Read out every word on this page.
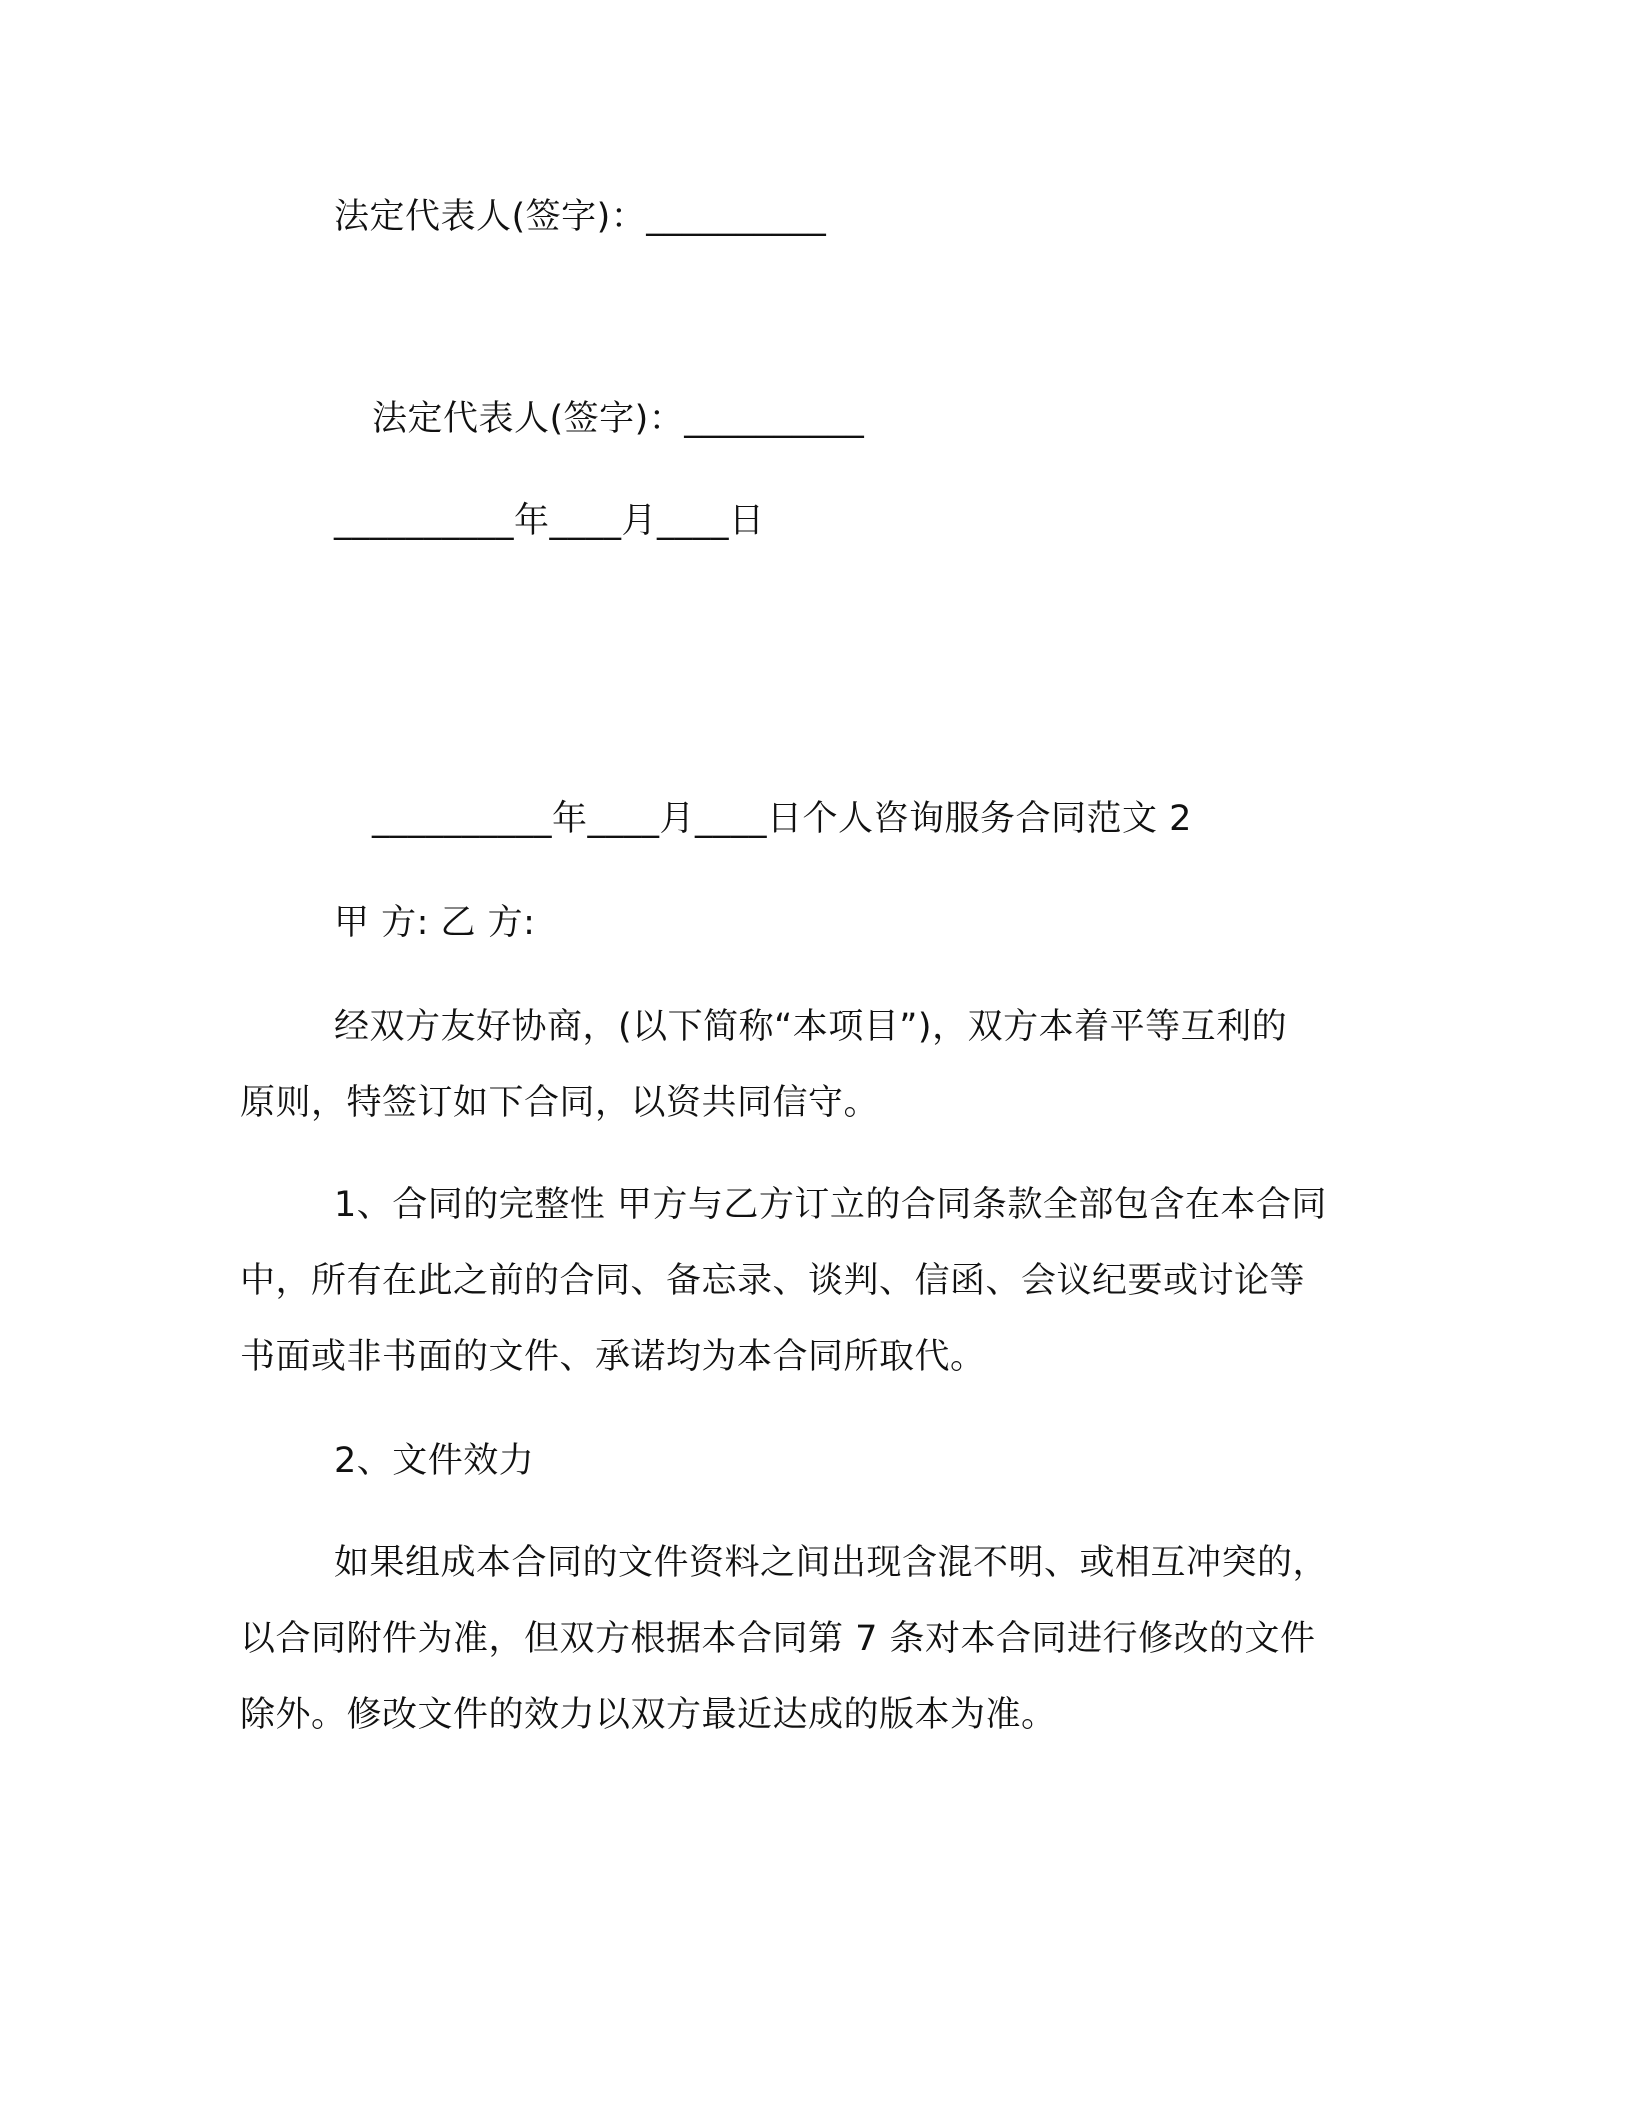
法定代表人(签字)：__________
法定代表人(签字)：__________
__________年____月____日
__________年____月____日个人咨询服务合同范文 2
甲 方: 乙 方:
经双方友好协商，(以下简称“本项目”)，双方本着平等互利的
原则，特签订如下合同，以资共同信守。
1、合同的完整性 甲方与乙方订立的合同条款全部包含在本合同
中，所有在此之前的合同、备忘录、谈判、信函、会议纪要或讨论等
书面或非书面的文件、承诺均为本合同所取代。
2、文件效力
如果组成本合同的文件资料之间出现含混不明、或相互冲突的，
以合同附件为准，但双方根据本合同第 7 条对本合同进行修改的文件
除外。修改文件的效力以双方最近达成的版本为准。
